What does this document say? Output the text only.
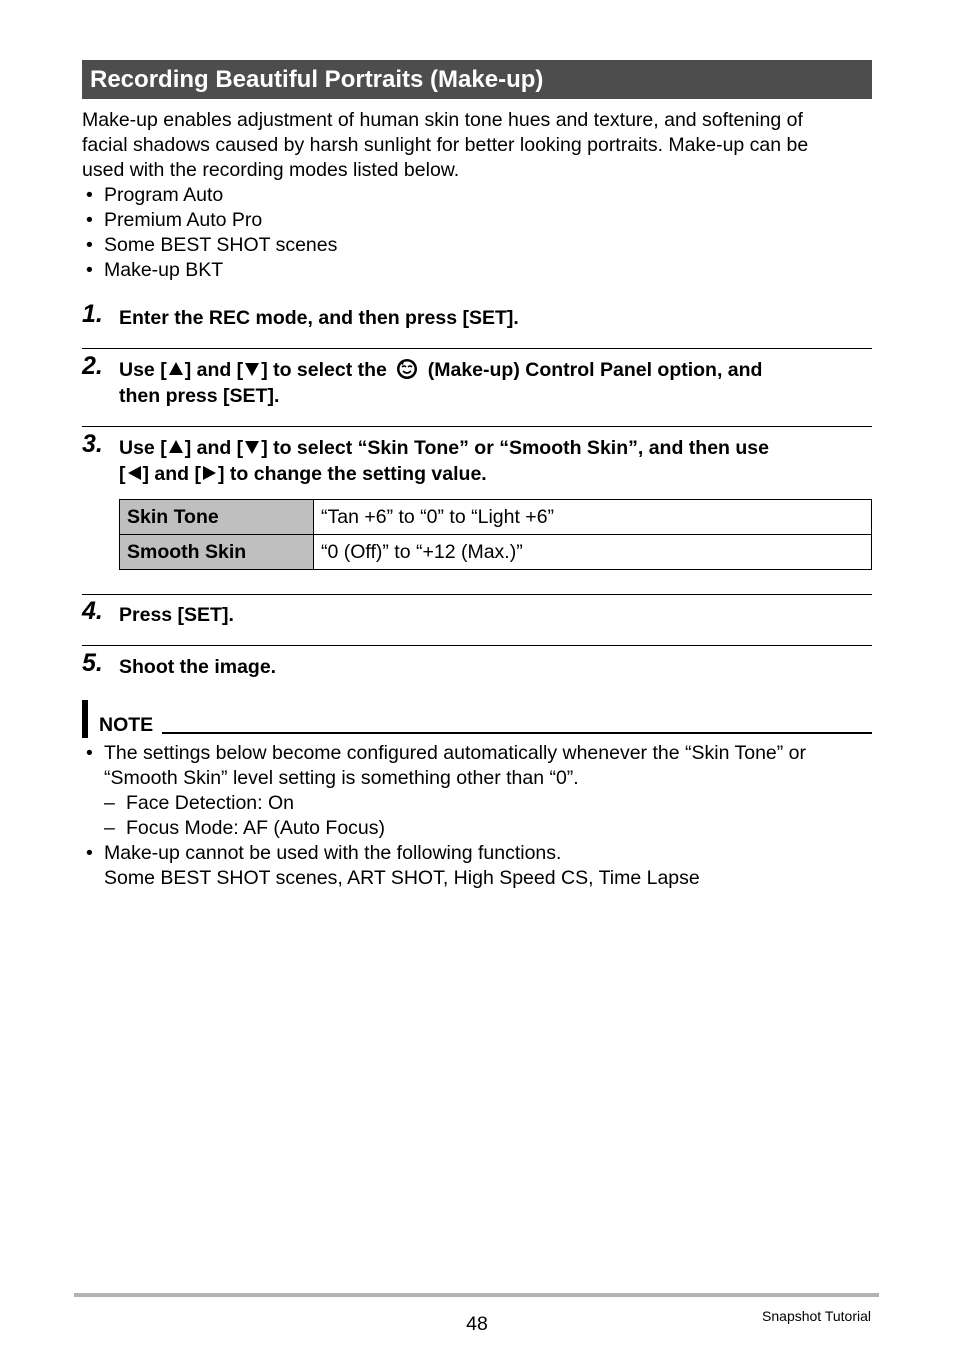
Recording Beautiful Portraits (Make-up)

Make-up enables adjustment of human skin tone hues and texture, and softening of

facial shadows caused by harsh sunlight for better looking portraits. Make-up can be

used with the recording modes listed below.

• Program Auto
• Premium Auto Pro
• Some BEST SHOT scenes
• Make-up BKT
1. Enter the REC mode, and then press [SET].
2. Use [ ] and [ ] to select the (Make-up) Control Panel option, and
then press [SET].
3. Use [ ] and [ ] to select “Skin Tone” or “Smooth Skin”, and then use
[ ] and [ ] to change the setting value.
Skin Tone	“Tan +6” to “0” to “Light +6”
Smooth Skin	“0 (Off)” to “+12 (Max.)”
4. Press [SET].
5. Shoot the image.
NOTE
• The settings below become configured automatically whenever the “Skin Tone” or
“Smooth Skin” level setting is something other than “0”.
– Face Detection: On
– Focus Mode: AF (Auto Focus)
• Make-up cannot be used with the following functions.
Some BEST SHOT scenes, ART SHOT, High Speed CS, Time Lapse
48	Snapshot Tutorial
